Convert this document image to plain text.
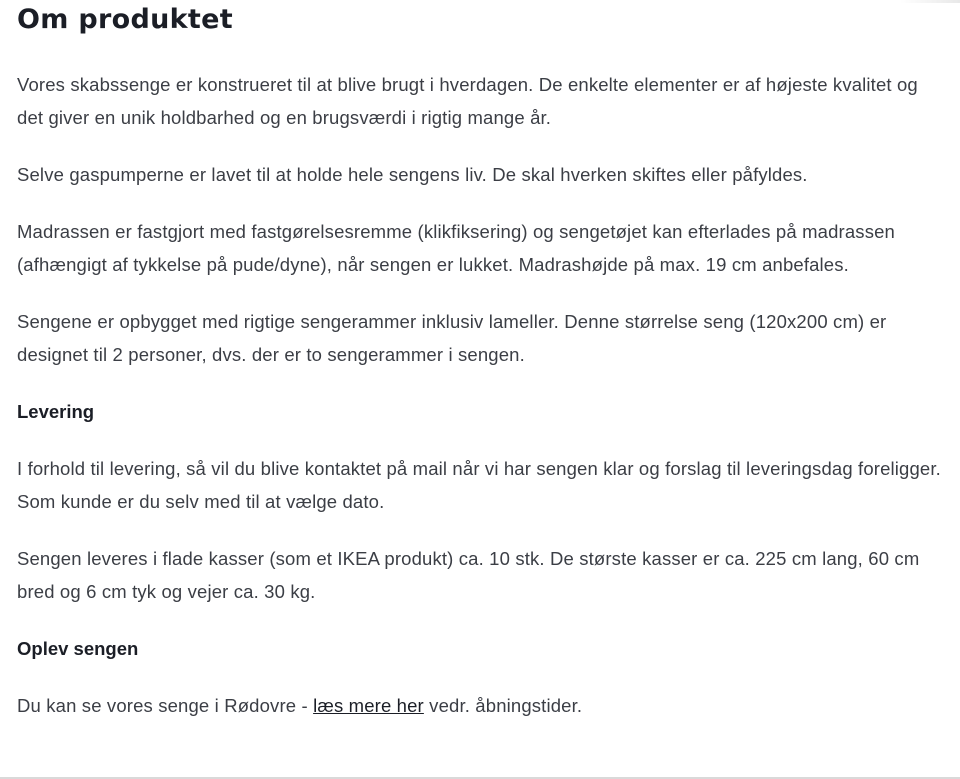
Om produktet

Vores skabssenge er konstrueret til at blive brugt i hverdagen. De enkelte elementer er af højeste kvalitet og det giver en unik holdbarhed og en brugsværdi i rigtig mange år.

Selve gaspumperne er lavet til at holde hele sengens liv. De skal hverken skiftes eller påfyldes.

Madrassen er fastgjort med fastgørelsesremme (klikfiksering) og sengetøjet kan efterlades på madrassen (afhængigt af tykkelse på pude/dyne), når sengen er lukket. Madrashøjde på max. 19 cm anbefales.

Sengene er opbygget med rigtige sengerammer inklusiv lameller. Denne størrelse seng (120x200 cm) er designet til 2 personer, dvs. der er to sengerammer i sengen.

Levering

I forhold til levering, så vil du blive kontaktet på mail når vi har sengen klar og forslag til leveringsdag foreligger. Som kunde er du selv med til at vælge dato.

Sengen leveres i flade kasser (som et IKEA produkt) ca. 10 stk. De største kasser er ca. 225 cm lang, 60 cm bred og 6 cm tyk og vejer ca. 30 kg.

Oplev sengen

Du kan se vores senge i Rødovre - læs mere her vedr. åbningstider.
